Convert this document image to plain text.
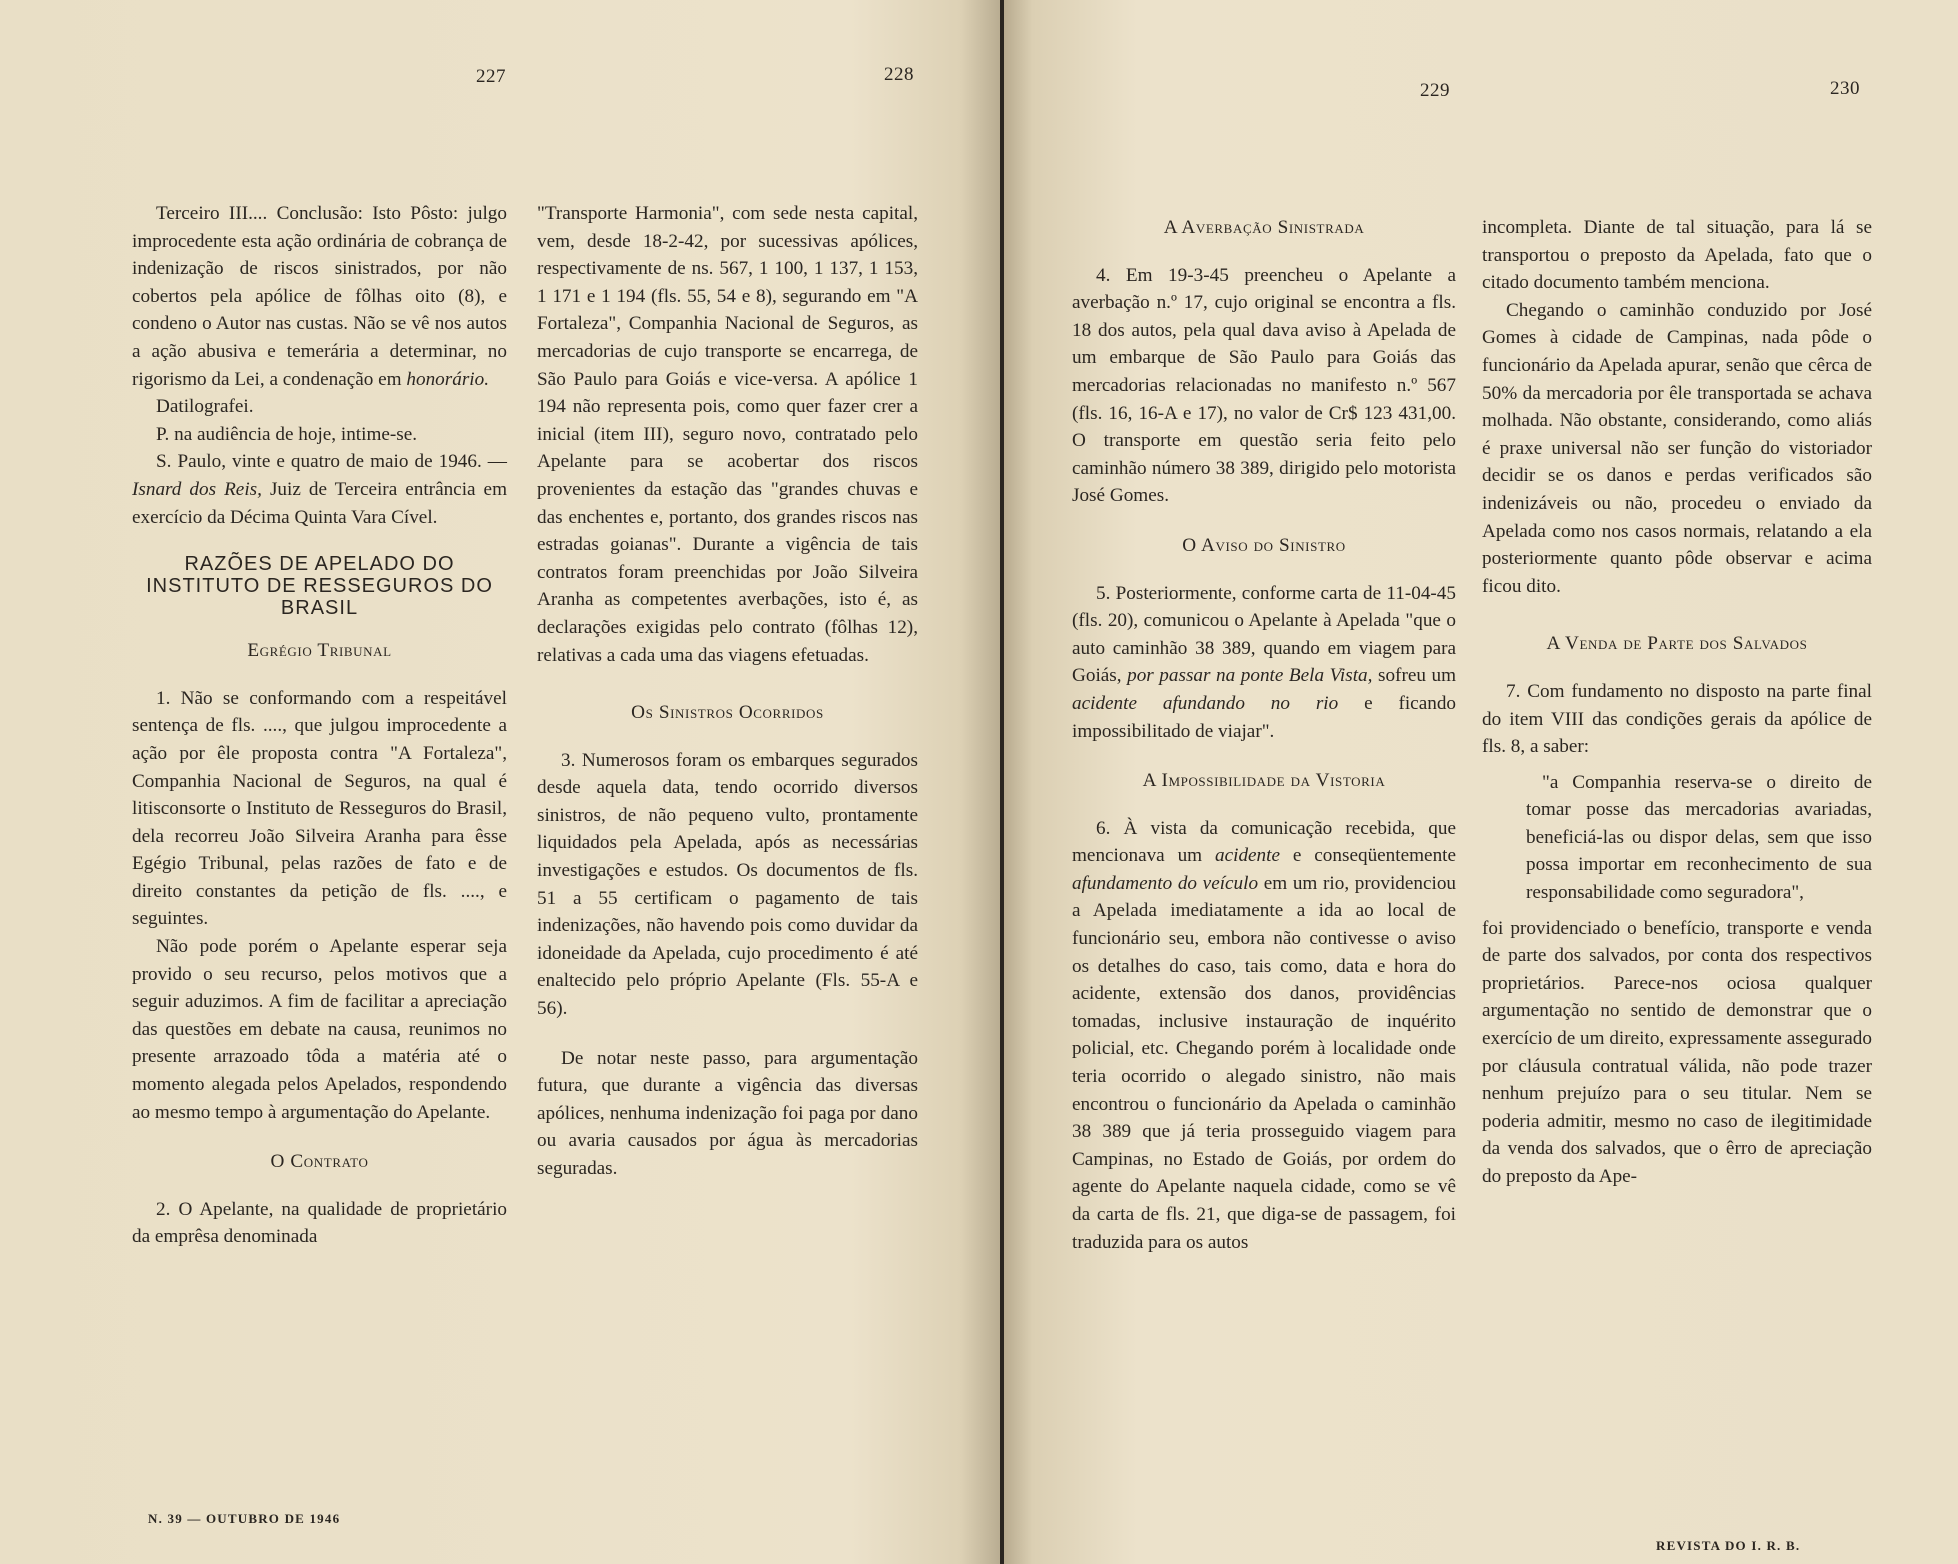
227	228

Terceiro III.... Conclusão: Isto Pôsto: julgo improcedente esta ação ordinária de cobrança de indenização de riscos sinistrados, por não cobertos pela apólice de fôlhas oito (8), e condeno o Autor nas custas. Não se vê nos autos a ação abusiva e temerária a determinar, no rigorismo da Lei, a condenação em honorário.

Datilografei.

P. na audiência de hoje, intime-se.

S. Paulo, vinte e quatro de maio de 1946. — Isnard dos Reis, Juiz de Terceira entrância em exercício da Décima Quinta Vara Cível.

RAZÕES DE APELADO DO INSTITUTO DE RESSEGUROS DO BRASIL
Egrégio Tribunal

1. Não se conformando com a respeitável sentença de fls. ...., que julgou improcedente a ação por êle proposta contra "A Fortaleza", Companhia Nacional de Seguros, na qual é litisconsorte o Instituto de Resseguros do Brasil, dela recorreu João Silveira Aranha para êsse Egégio Tribunal, pelas razões de fato e de direito constantes da petição de fls. ...., e seguintes.

Não pode porém o Apelante esperar seja provido o seu recurso, pelos motivos que a seguir aduzimos. A fim de facilitar a apreciação das questões em debate na causa, reunimos no presente arrazoado tôda a matéria até o momento alegada pelos Apelados, respondendo ao mesmo tempo à argumentação do Apelante.

O Contrato

2. O Apelante, na qualidade de proprietário da emprêsa denominada

"Transporte Harmonia", com sede nesta capital, vem, desde 18-2-42, por sucessivas apólices, respectivamente de ns. 567, 1 100, 1 137, 1 153, 1 171 e 1 194 (fls. 55, 54 e 8), segurando em "A Fortaleza", Companhia Nacional de Seguros, as mercadorias de cujo transporte se encarrega, de São Paulo para Goiás e vice-versa. A apólice 1 194 não representa pois, como quer fazer crer a inicial (item III), seguro novo, contratado pelo Apelante para se acobertar dos riscos provenientes da estação das "grandes chuvas e das enchentes e, portanto, dos grandes riscos nas estradas goianas". Durante a vigência de tais contratos foram preenchidas por João Silveira Aranha as competentes averbações, isto é, as declarações exigidas pelo contrato (fôlhas 12), relativas a cada uma das viagens efetuadas.

Os Sinistros Ocorridos

3. Numerosos foram os embarques segurados desde aquela data, tendo ocorrido diversos sinistros, de não pequeno vulto, prontamente liquidados pela Apelada, após as necessárias investigações e estudos. Os documentos de fls. 51 a 55 certificam o pagamento de tais indenizações, não havendo pois como duvidar da idoneidade da Apelada, cujo procedimento é até enaltecido pelo próprio Apelante (Fls. 55-A e 56).

De notar neste passo, para argumentação futura, que durante a vigência das diversas apólices, nenhuma indenização foi paga por dano ou avaria causados por água às mercadorias seguradas.

N. 39 — OUTUBRO DE 1946
229	230
A Averbação Sinistrada

4. Em 19-3-45 preencheu o Apelante a averbação n.º 17, cujo original se encontra a fls. 18 dos autos, pela qual dava aviso à Apelada de um embarque de São Paulo para Goiás das mercadorias relacionadas no manifesto n.º 567 (fls. 16, 16-A e 17), no valor de Cr$ 123 431,00. O transporte em questão seria feito pelo caminhão número 38 389, dirigido pelo motorista José Gomes.

O Aviso do Sinistro

5. Posteriormente, conforme carta de 11-04-45 (fls. 20), comunicou o Apelante à Apelada "que o auto caminhão 38 389, quando em viagem para Goiás, por passar na ponte Bela Vista, sofreu um acidente afundando no rio e ficando impossibilitado de viajar".

A Impossibilidade da Vistoria

6. À vista da comunicação recebida, que mencionava um acidente e conseqüentemente afundamento do veículo em um rio, providenciou a Apelada imediatamente a ida ao local de funcionário seu, embora não contivesse o aviso os detalhes do caso, tais como, data e hora do acidente, extensão dos danos, providências tomadas, inclusive instauração de inquérito policial, etc. Chegando porém à localidade onde teria ocorrido o alegado sinistro, não mais encontrou o funcionário da Apelada o caminhão 38 389 que já teria prosseguido viagem para Campinas, no Estado de Goiás, por ordem do agente do Apelante naquela cidade, como se vê da carta de fls. 21, que diga-se de passagem, foi traduzida para os autos

incompleta. Diante de tal situação, para lá se transportou o preposto da Apelada, fato que o citado documento também menciona.

Chegando o caminhão conduzido por José Gomes à cidade de Campinas, nada pôde o funcionário da Apelada apurar, senão que cêrca de 50% da mercadoria por êle transportada se achava molhada. Não obstante, considerando, como aliás é praxe universal não ser função do vistoriador decidir se os danos e perdas verificados são indenizáveis ou não, procedeu o enviado da Apelada como nos casos normais, relatando a ela posteriormente quanto pôde observar e acima ficou dito.

A Venda de Parte dos Salvados

7. Com fundamento no disposto na parte final do item VIII das condições gerais da apólice de fls. 8, a saber:

"a Companhia reserva-se o direito de tomar posse das mercadorias avariadas, beneficiá-las ou dispor delas, sem que isso possa importar em reconhecimento de sua responsabilidade como seguradora",

foi providenciado o benefício, transporte e venda de parte dos salvados, por conta dos respectivos proprietários. Parece-nos ociosa qualquer argumentação no sentido de demonstrar que o exercício de um direito, expressamente assegurado por cláusula contratual válida, não pode trazer nenhum prejuízo para o seu titular. Nem se poderia admitir, mesmo no caso de ilegitimidade da venda dos salvados, que o êrro de apreciação do preposto da Ape-

REVISTA DO I. R. B.
